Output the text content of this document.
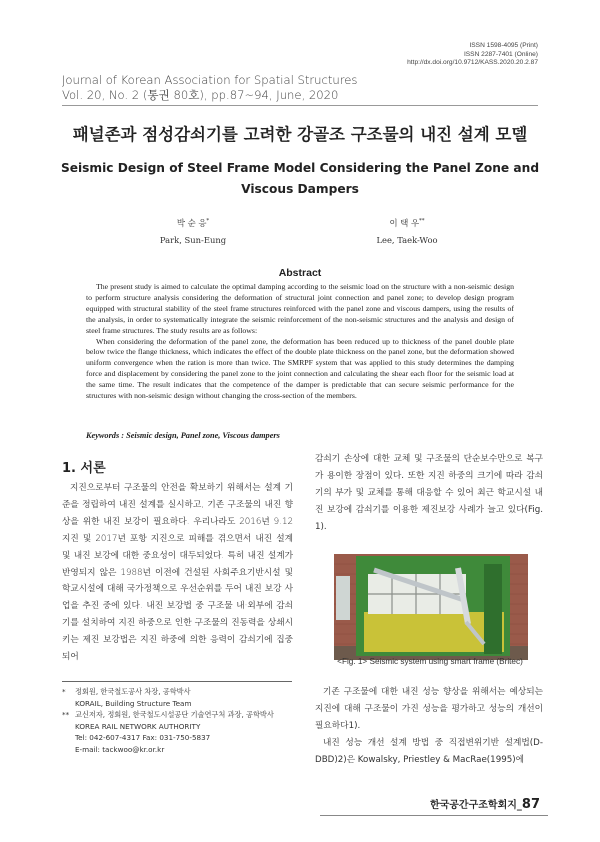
ISSN 1598-4095 (Print)
ISSN 2287-7401 (Online)
http://dx.doi.org/10.9712/KASS.2020.20.2.87
Journal of Korean Association for Spatial Structures
Vol. 20, No. 2 (통권 80호), pp.87~94, June, 2020
패널존과 점성감쇠기를 고려한 강골조 구조물의 내진 설계 모델
Seismic Design of Steel Frame Model Considering the Panel Zone and Viscous Dampers
박 순 응*
Park, Sun-Eung
이 택 우**
Lee, Taek-Woo
Abstract

The present study is aimed to calculate the optimal damping according to the seismic load on the structure with a non-seismic design to perform structure analysis considering the deformation of structural joint connection and panel zone; to develop design program equipped with structural stability of the steel frame structures reinforced with the panel zone and viscous dampers, using the results of the analysis, in order to systematically integrate the seismic reinforcement of the non-seismic structures and the analysis and design of steel frame structures. The study results are as follows:

When considering the deformation of the panel zone, the deformation has been reduced up to thickness of the panel double plate below twice the flange thickness, which indicates the effect of the double plate thickness on the panel zone, but the deformation showed uniform convergence when the ration is more than twice. The SMRPF system that was applied to this study determines the damping force and displacement by considering the panel zone to the joint connection and calculating the shear each floor for the seismic load at the same time. The result indicates that the competence of the damper is predictable that can secure seismic performance for the structures with non-seismic design without changing the cross-section of the members.

Keywords : Seismic design, Panel zone, Viscous dampers
1. 서론

지진으로부터 구조물의 안전을 확보하기 위해서는 설계 기준을 정립하여 내진 설계를 실시하고, 기존 구조물의 내진 향상을 위한 내진 보강이 필요하다. 우리나라도 2016년 9.12지진 및 2017년 포항 지진으로 피해를 겪으면서 내진 설계 및 내진 보강에 대한 중요성이 대두되었다. 특히 내진 설계가 반영되지 않은 1988년 이전에 건설된 사회주요기반시설 및 학교시설에 대해 국가정책으로 우선순위를 두어 내진 보강 사업을 추진 중에 있다. 내진 보강법 중 구조물 내·외부에 감쇠기를 설치하여 지진 하중으로 인한 구조물의 진동력을 상쇄시키는 제진 보강법은 지진 하중에 의한 응력이 감쇠기에 집중되어

*	정회원, 한국철도공사 차장, 공학박사
KORAIL, Building Structure Team
** 교신저자, 정회원, 한국철도시설공단 기술연구처 과장, 공학박사
KOREA RAIL NETWORK AUTHORITY
Tel: 042-607-4317 Fax: 031-750-5837
E-mail: tackwoo@kr.or.kr

감쇠기 손상에 대한 교체 및 구조물의 단순보수만으로 복구가 용이한 장점이 있다. 또한 지진 하중의 크기에 따라 감쇠기의 부가 및 교체를 통해 대응할 수 있어 최근 학교시설 내진 보강에 감쇠기를 이용한 제진보강 사례가 늘고 있다(Fig. 1).

<Fig. 1> Seismic system using smart frame (Britec)

기존 구조물에 대한 내진 성능 향상을 위해서는 예상되는 지진에 대해 구조물이 가진 성능을 평가하고 성능의 개선이 필요하다1).

내진 성능 개선 설계 방법 중 직접변위기반 설계법(D-DBD)2)은 Kowalsky, Priestley & MacRae(1995)에

한국공간구조학회지_87
